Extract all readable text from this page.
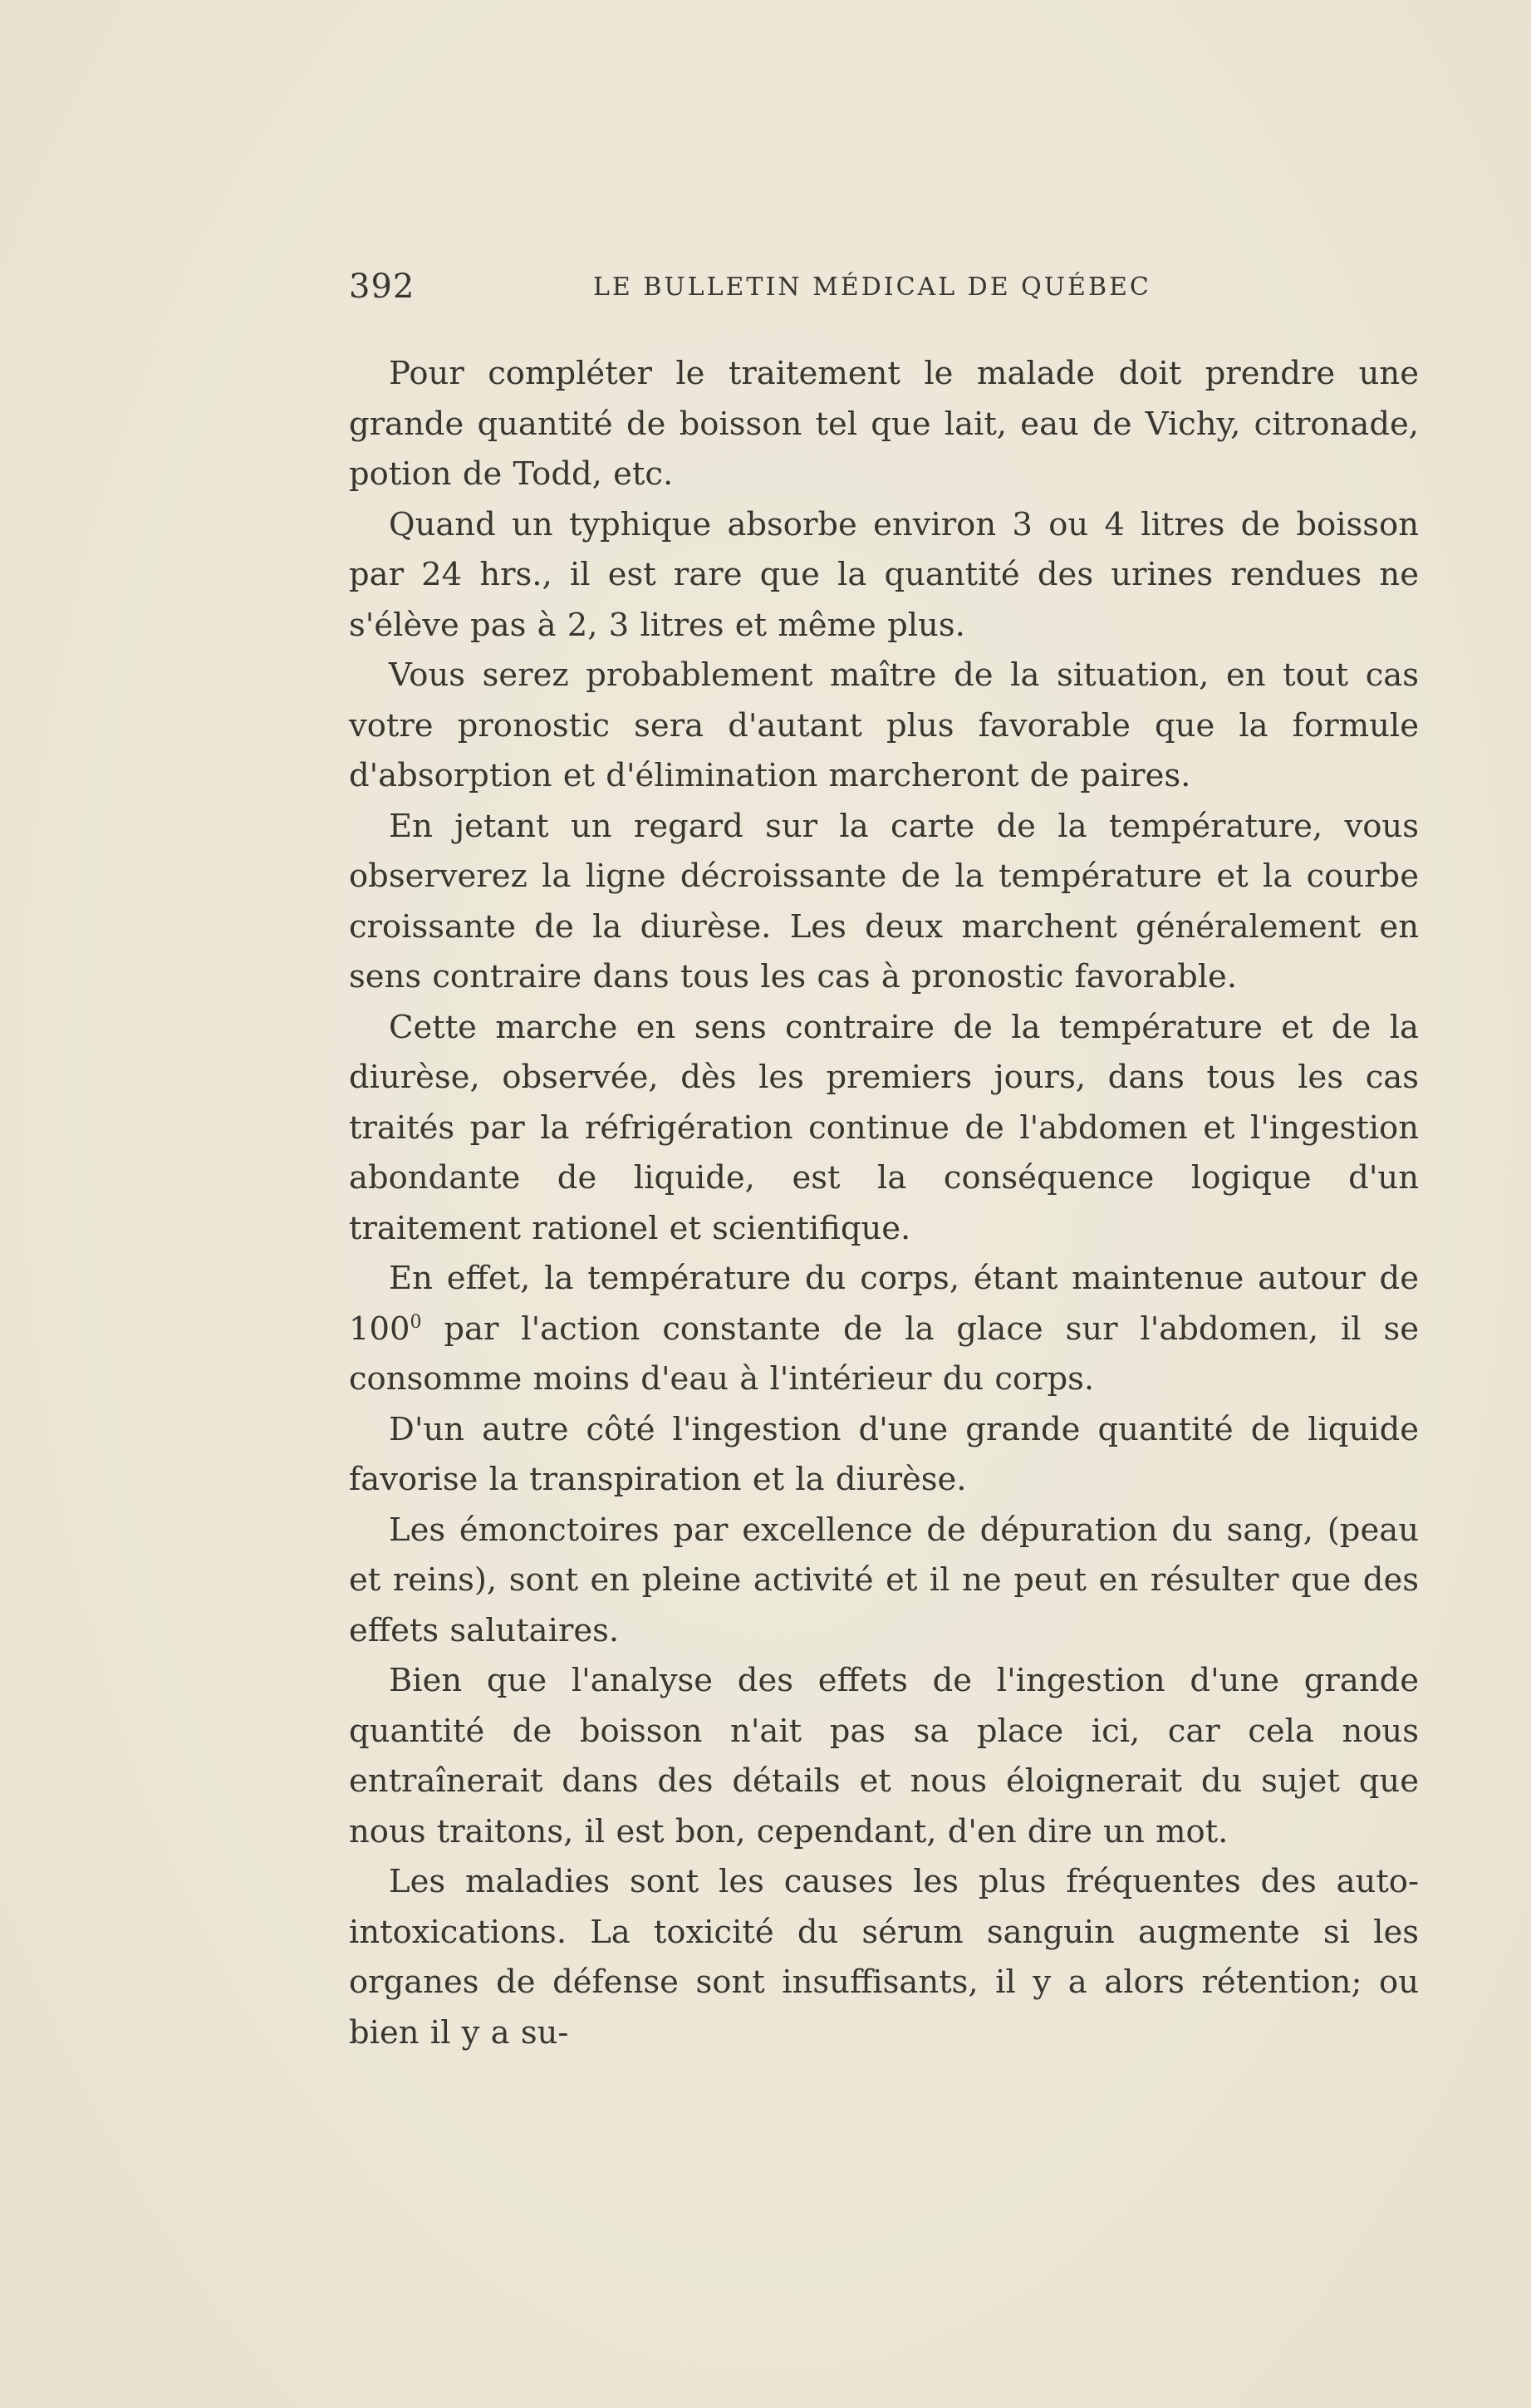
392	LE BULLETIN MÉDICAL DE QUÉBEC

Pour compléter le traitement le malade doit prendre une grande quantité de boisson tel que lait, eau de Vichy, citronade, potion de Todd, etc.

Quand un typhique absorbe environ 3 ou 4 litres de boisson par 24 hrs., il est rare que la quantité des urines rendues ne s'élève pas à 2, 3 litres et même plus.

Vous serez probablement maître de la situation, en tout cas votre pronostic sera d'autant plus favorable que la formule d'absorption et d'élimination marcheront de paires.

En jetant un regard sur la carte de la température, vous observerez la ligne décroissante de la température et la courbe croissante de la diurèse. Les deux marchent généralement en sens contraire dans tous les cas à pronostic favorable.

Cette marche en sens contraire de la température et de la diurèse, observée, dès les premiers jours, dans tous les cas traités par la réfrigération continue de l'abdomen et l'ingestion abondante de liquide, est la conséquence logique d'un traitement rationel et scientifique.

En effet, la température du corps, étant maintenue autour de $100^0$ par l'action constante de la glace sur l'abdomen, il se consomme moins d'eau à l'intérieur du corps.

D'un autre côté l'ingestion d'une grande quantité de liquide favorise la transpiration et la diurèse.

Les émonctoires par excellence de dépuration du sang, (peau et reins), sont en pleine activité et il ne peut en résulter que des effets salutaires.

Bien que l'analyse des effets de l'ingestion d'une grande quantité de boisson n'ait pas sa place ici, car cela nous entraînerait dans des détails et nous éloignerait du sujet que nous traitons, il est bon, cependant, d'en dire un mot.

Les maladies sont les causes les plus fréquentes des auto-intoxications. La toxicité du sérum sanguin augmente si les organes de défense sont insuffisants, il y a alors rétention; ou bien il y a su-
